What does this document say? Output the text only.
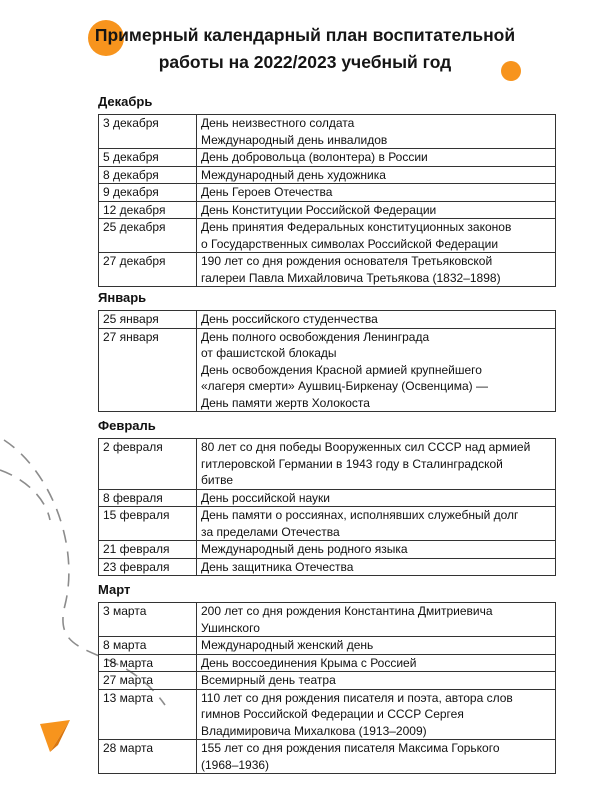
Примерный календарный план воспитательной
работы на 2022/2023 учебный год
Декабрь
3 декабря	День неизвестного солдата
Международный день инвалидов
5 декабря	День добровольца (волонтера) в России
8 декабря	Международный день художника
9 декабря	День Героев Отечества
12 декабря	День Конституции Российской Федерации
25 декабря	День принятия Федеральных конституционных законов
о Государственных символах Российской Федерации
27 декабря	190 лет со дня рождения основателя Третьяковской
галереи Павла Михайловича Третьякова (1832–1898)
Январь
25 января	День российского студенчества
27 января	День полного освобождения Ленинграда
от фашистской блокады
День освобождения Красной армией крупнейшего
«лагеря смерти» Аушвиц-Биркенау (Освенцима) —
День памяти жертв Холокоста
Февраль
2 февраля	80 лет со дня победы Вооруженных сил СССР над армией
гитлеровской Германии в 1943 году в Сталинградской
битве
8 февраля	День российской науки
15 февраля	День памяти о россиянах, исполнявших служебный долг
за пределами Отечества
21 февраля	Международный день родного языка
23 февраля	День защитника Отечества
Март
3 марта	200 лет со дня рождения Константина Дмитриевича
Ушинского
8 марта	Международный женский день
18 марта	День воссоединения Крыма с Россией
27 марта	Всемирный день театра
13 марта	110 лет со дня рождения писателя и поэта, автора слов
гимнов Российской Федерации и СССР Сергея
Владимировича Михалкова (1913–2009)
28 марта	155 лет со дня рождения писателя Максима Горького
(1968–1936)
